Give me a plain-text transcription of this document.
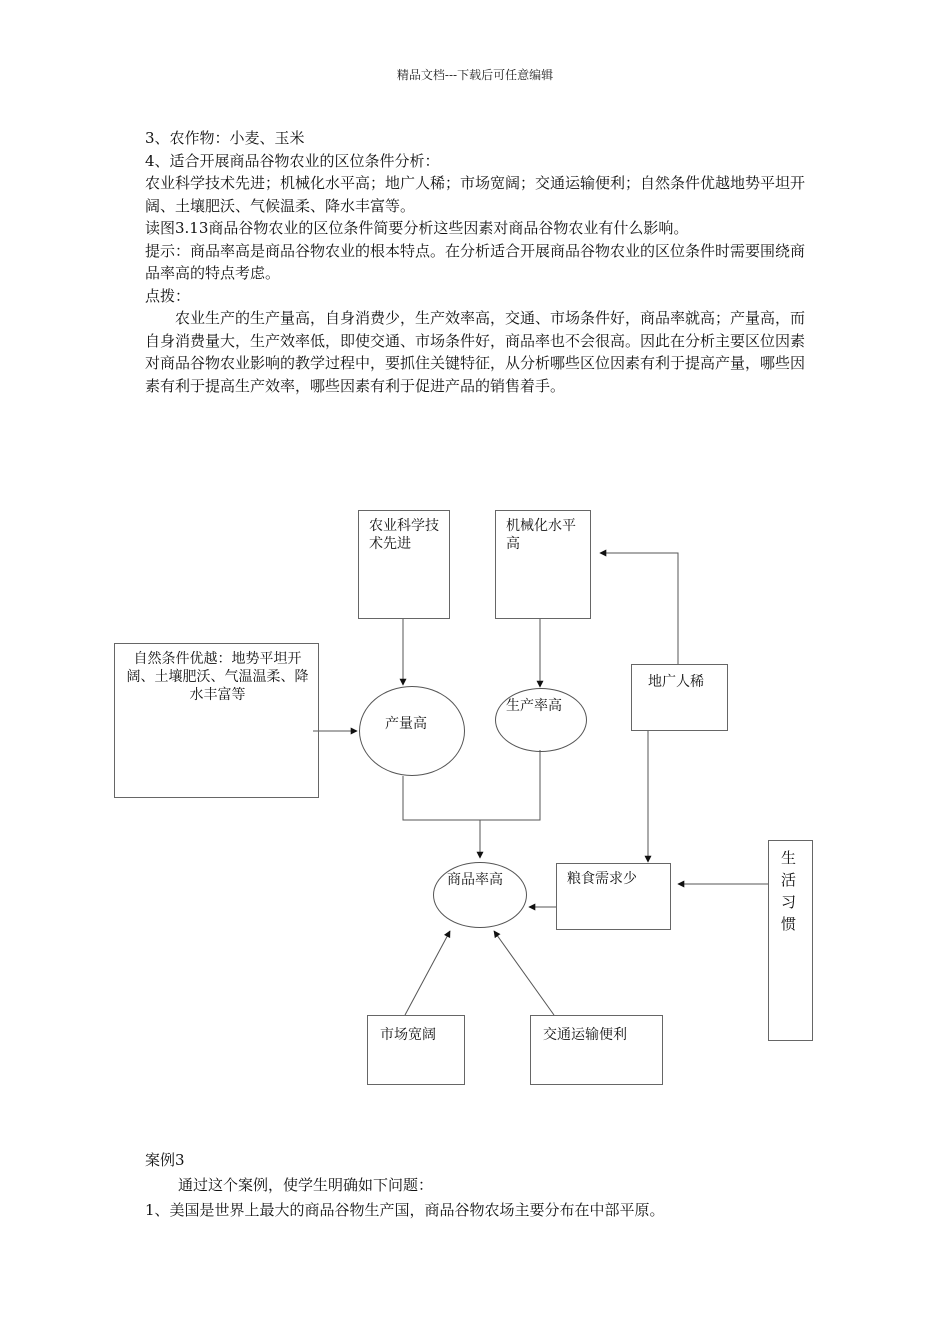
精品文档---下载后可任意编辑

3、农作物：小麦、玉米

4、适合开展商品谷物农业的区位条件分析：

农业科学技术先进；机械化水平高；地广人稀；市场宽阔；交通运输便利；自然条件优越地势平坦开阔、土壤肥沃、气候温柔、降水丰富等。

读图3.13商品谷物农业的区位条件简要分析这些因素对商品谷物农业有什么影响。

提示：商品率高是商品谷物农业的根本特点。在分析适合开展商品谷物农业的区位条件时需要围绕商品率高的特点考虑。

点拨：

农业生产的生产量高，自身消费少，生产效率高，交通、市场条件好，商品率就高；产量高，而自身消费量大，生产效率低，即使交通、市场条件好，商品率也不会很高。因此在分析主要区位因素对商品谷物农业影响的教学过程中，要抓住关键特征，从分析哪些区位因素有利于提高产量，哪些因素有利于提高生产效率，哪些因素有利于促进产品的销售着手。

农业科学技术先进
机械化水平高
自然条件优越：地势平坦开阔、土壤肥沃、气温温柔、降水丰富等
产量高
生产率高
地广人稀
商品率高	粮食需求少
生活习惯
市场宽阔	交通运输便利

案例3

通过这个案例，使学生明确如下问题：

1、美国是世界上最大的商品谷物生产国，商品谷物农场主要分布在中部平原。
